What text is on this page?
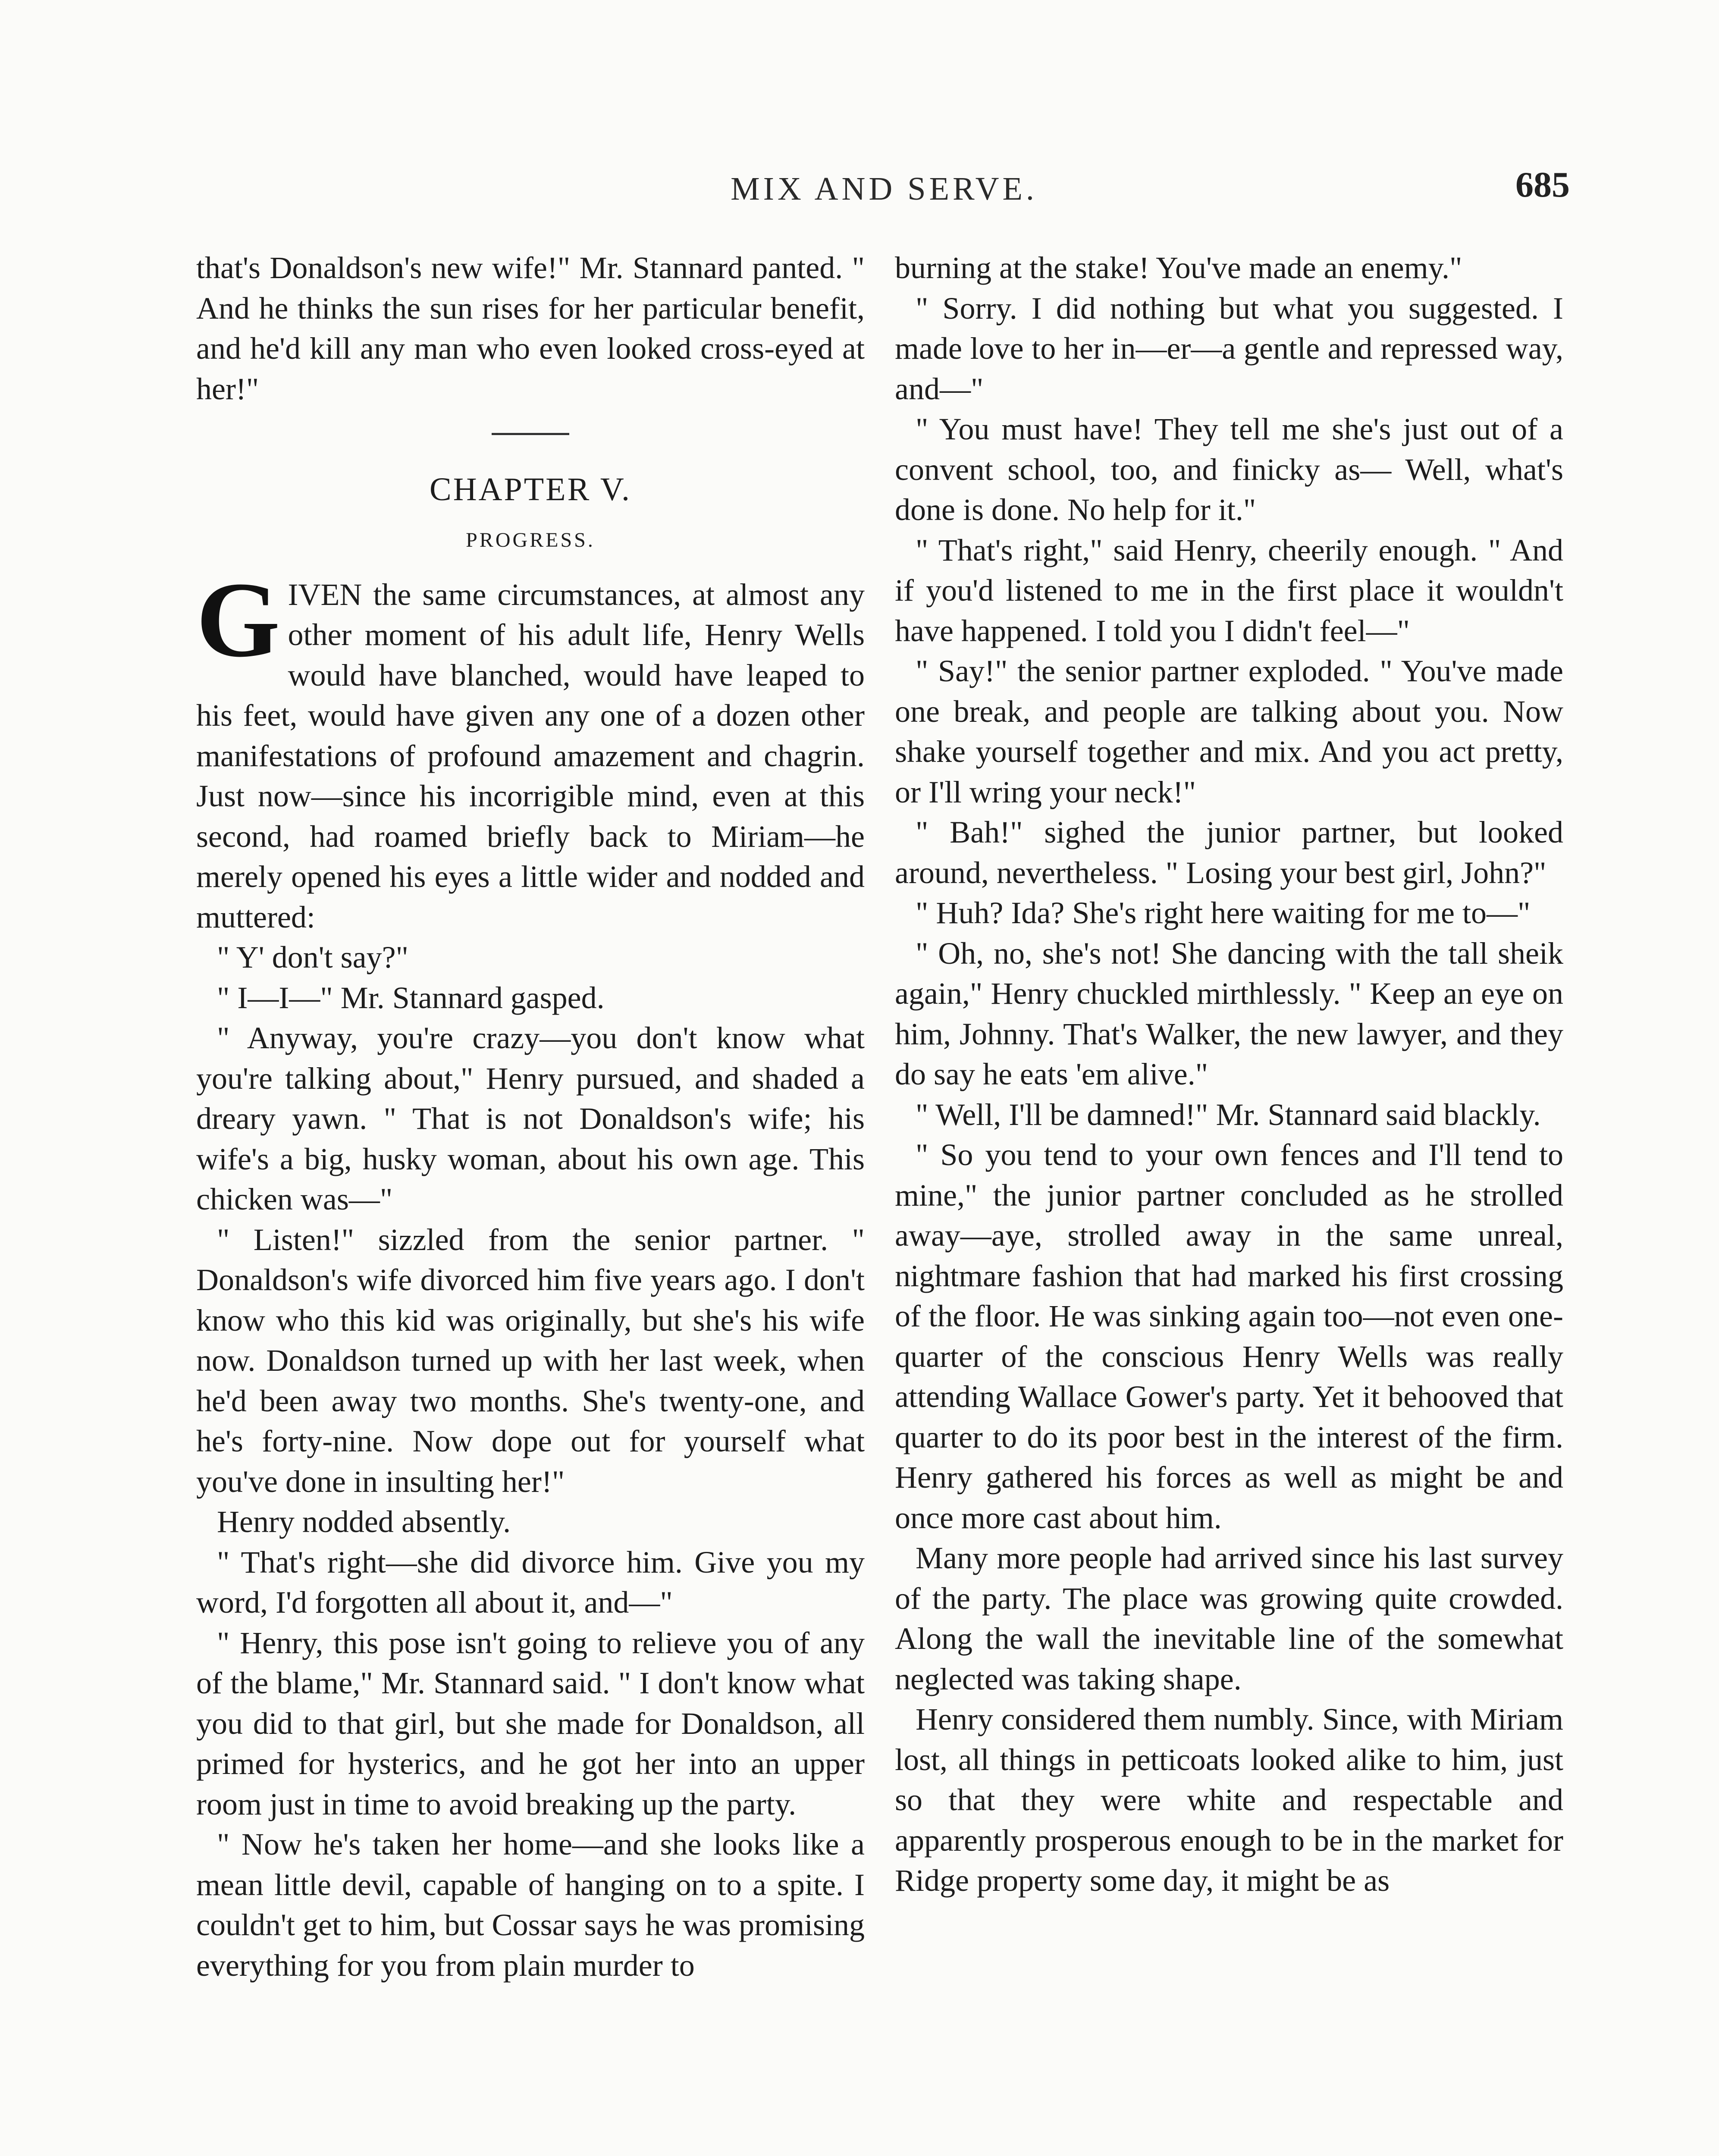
MIX AND SERVE.	685

that's Donaldson's new wife!" Mr. Stannard panted. " And he thinks the sun rises for her particular benefit, and he'd kill any man who even looked cross-eyed at her!"

CHAPTER V.
PROGRESS.

G IVEN the same circumstances, at almost any other moment of his adult life, Henry Wells would have blanched, would have leaped to his feet, would have given any one of a dozen other manifestations of profound amazement and chagrin. Just now—since his incorrigible mind, even at this second, had roamed briefly back to Miriam—he merely opened his eyes a little wider and nodded and muttered:

" Y' don't say?"

" I—I—" Mr. Stannard gasped.

" Anyway, you're crazy—you don't know what you're talking about," Henry pursued, and shaded a dreary yawn. " That is not Donaldson's wife; his wife's a big, husky woman, about his own age. This chicken was—"

" Listen!" sizzled from the senior partner. " Donaldson's wife divorced him five years ago. I don't know who this kid was originally, but she's his wife now. Donaldson turned up with her last week, when he'd been away two months. She's twenty-one, and he's forty-nine. Now dope out for yourself what you've done in insulting her!"

Henry nodded absently.

" That's right—she did divorce him. Give you my word, I'd forgotten all about it, and—"

" Henry, this pose isn't going to relieve you of any of the blame," Mr. Stannard said. " I don't know what you did to that girl, but she made for Donaldson, all primed for hysterics, and he got her into an upper room just in time to avoid breaking up the party.

" Now he's taken her home—and she looks like a mean little devil, capable of hanging on to a spite. I couldn't get to him, but Cossar says he was promising everything for you from plain murder to

burning at the stake! You've made an enemy."

" Sorry. I did nothing but what you suggested. I made love to her in—er—a gentle and repressed way, and—"

" You must have! They tell me she's just out of a convent school, too, and finicky as— Well, what's done is done. No help for it."

" That's right," said Henry, cheerily enough. " And if you'd listened to me in the first place it wouldn't have happened. I told you I didn't feel—"

" Say!" the senior partner exploded. " You've made one break, and people are talking about you. Now shake yourself together and mix. And you act pretty, or I'll wring your neck!"

" Bah!" sighed the junior partner, but looked around, nevertheless. " Losing your best girl, John?"

" Huh? Ida? She's right here waiting for me to—"

" Oh, no, she's not! She dancing with the tall sheik again," Henry chuckled mirthlessly. " Keep an eye on him, Johnny. That's Walker, the new lawyer, and they do say he eats 'em alive."

" Well, I'll be damned!" Mr. Stannard said blackly.

" So you tend to your own fences and I'll tend to mine," the junior partner concluded as he strolled away—aye, strolled away in the same unreal, nightmare fashion that had marked his first crossing of the floor. He was sinking again too—not even one-quarter of the conscious Henry Wells was really attending Wallace Gower's party. Yet it behooved that quarter to do its poor best in the interest of the firm. Henry gathered his forces as well as might be and once more cast about him.

Many more people had arrived since his last survey of the party. The place was growing quite crowded. Along the wall the inevitable line of the somewhat neglected was taking shape.

Henry considered them numbly. Since, with Miriam lost, all things in petticoats looked alike to him, just so that they were white and respectable and apparently prosperous enough to be in the market for Ridge property some day, it might be as
